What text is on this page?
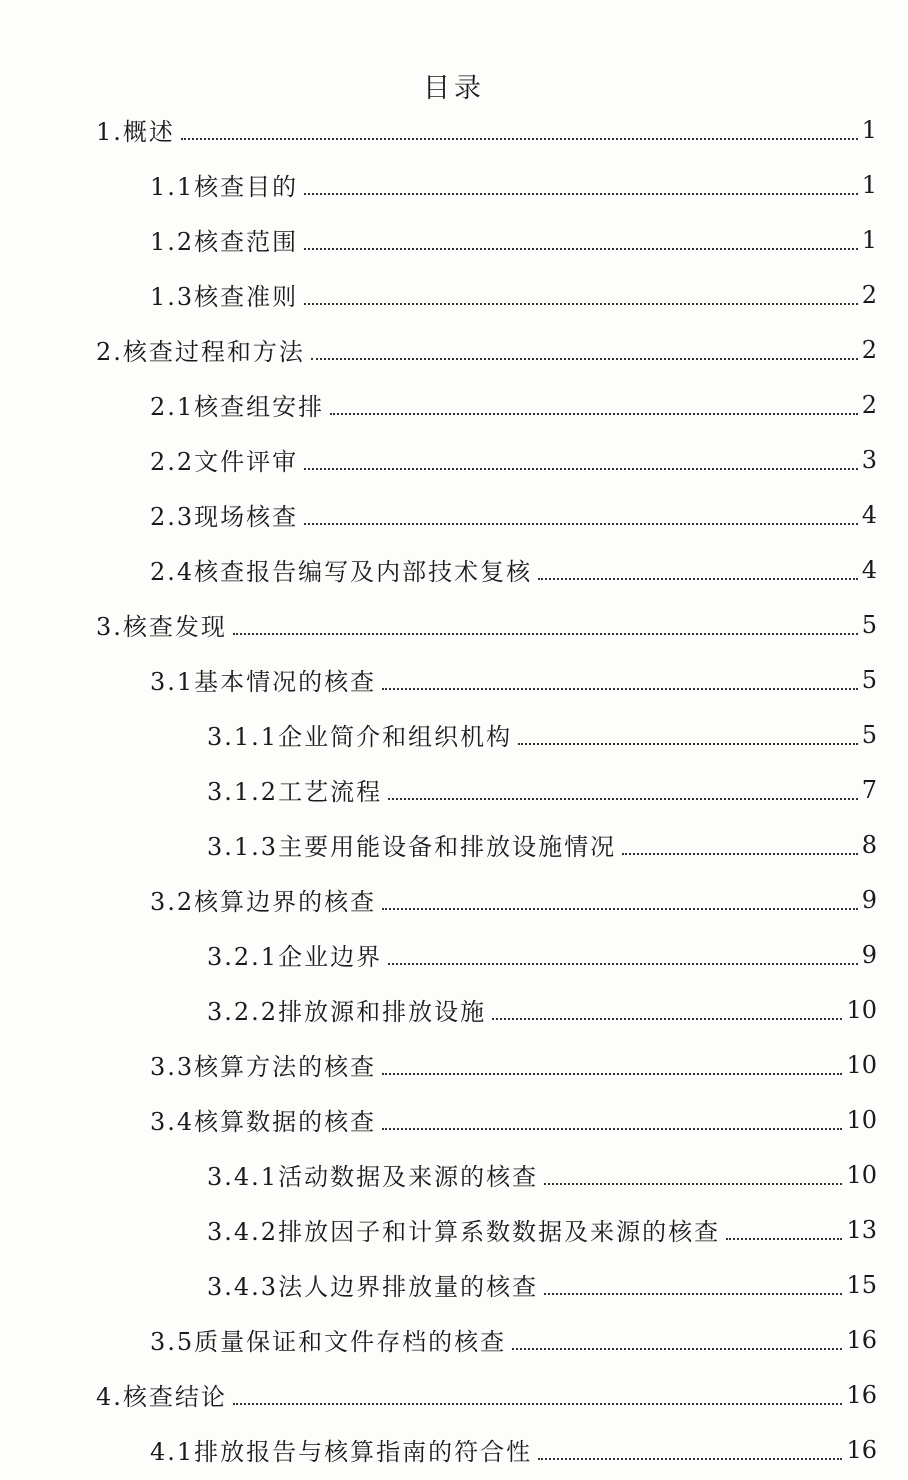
目录
1.概述	1
1.1核查目的	1
1.2核查范围	1
1.3核查准则	2
2.核查过程和方法	2
2.1核查组安排	2
2.2文件评审	3
2.3现场核查	4
2.4核查报告编写及内部技术复核	4
3.核查发现	5
3.1基本情况的核查	5
3.1.1企业简介和组织机构	5
3.1.2工艺流程	7
3.1.3主要用能设备和排放设施情况	8
3.2核算边界的核查	9
3.2.1企业边界	9
3.2.2排放源和排放设施	10
3.3核算方法的核查	10
3.4核算数据的核查	10
3.4.1活动数据及来源的核查	10
3.4.2排放因子和计算系数数据及来源的核查	13
3.4.3法人边界排放量的核查	15
3.5质量保证和文件存档的核查	16
4.核查结论	16
4.1排放报告与核算指南的符合性	16
